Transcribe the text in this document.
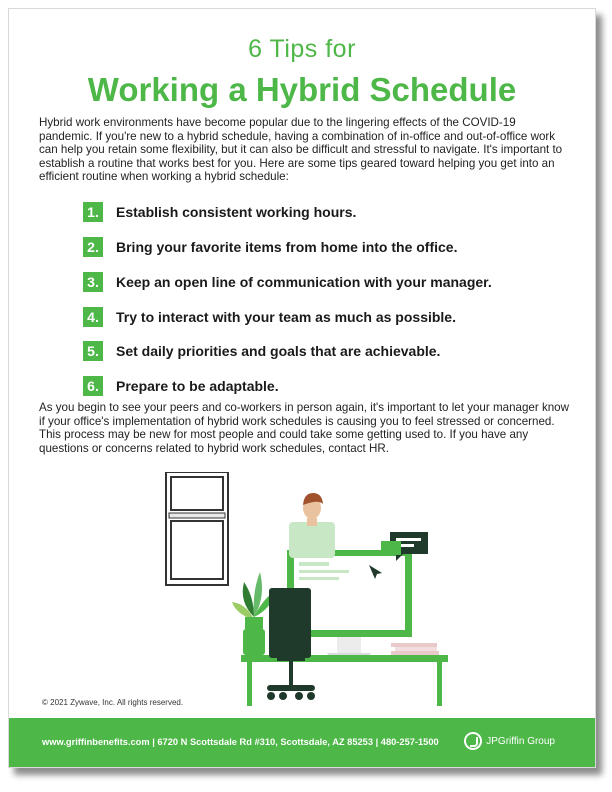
6 Tips for
Working a Hybrid Schedule
Hybrid work environments have become popular due to the lingering effects of the COVID-19 pandemic. If you're new to a hybrid schedule, having a combination of in-office and out-of-office work can help you retain some flexibility, but it can also be difficult and stressful to navigate. It's important to establish a routine that works best for you. Here are some tips geared toward helping you get into an efficient routine when working a hybrid schedule:
1. Establish consistent working hours.
2. Bring your favorite items from home into the office.
3. Keep an open line of communication with your manager.
4. Try to interact with your team as much as possible.
5. Set daily priorities and goals that are achievable.
6. Prepare to be adaptable.
As you begin to see your peers and co-workers in person again, it's important to let your manager know if your office's implementation of hybrid work schedules is causing you to feel stressed or concerned. This process may be new for most people and could take some getting used to. If you have any questions or concerns related to hybrid work schedules, contact HR.
© 2021 Zywave, Inc. All rights reserved.
www.griffinbenefits.com | 6720 N Scottsdale Rd #310, Scottsdale, AZ 85253 | 480-257-1500	JPGriffin Group
